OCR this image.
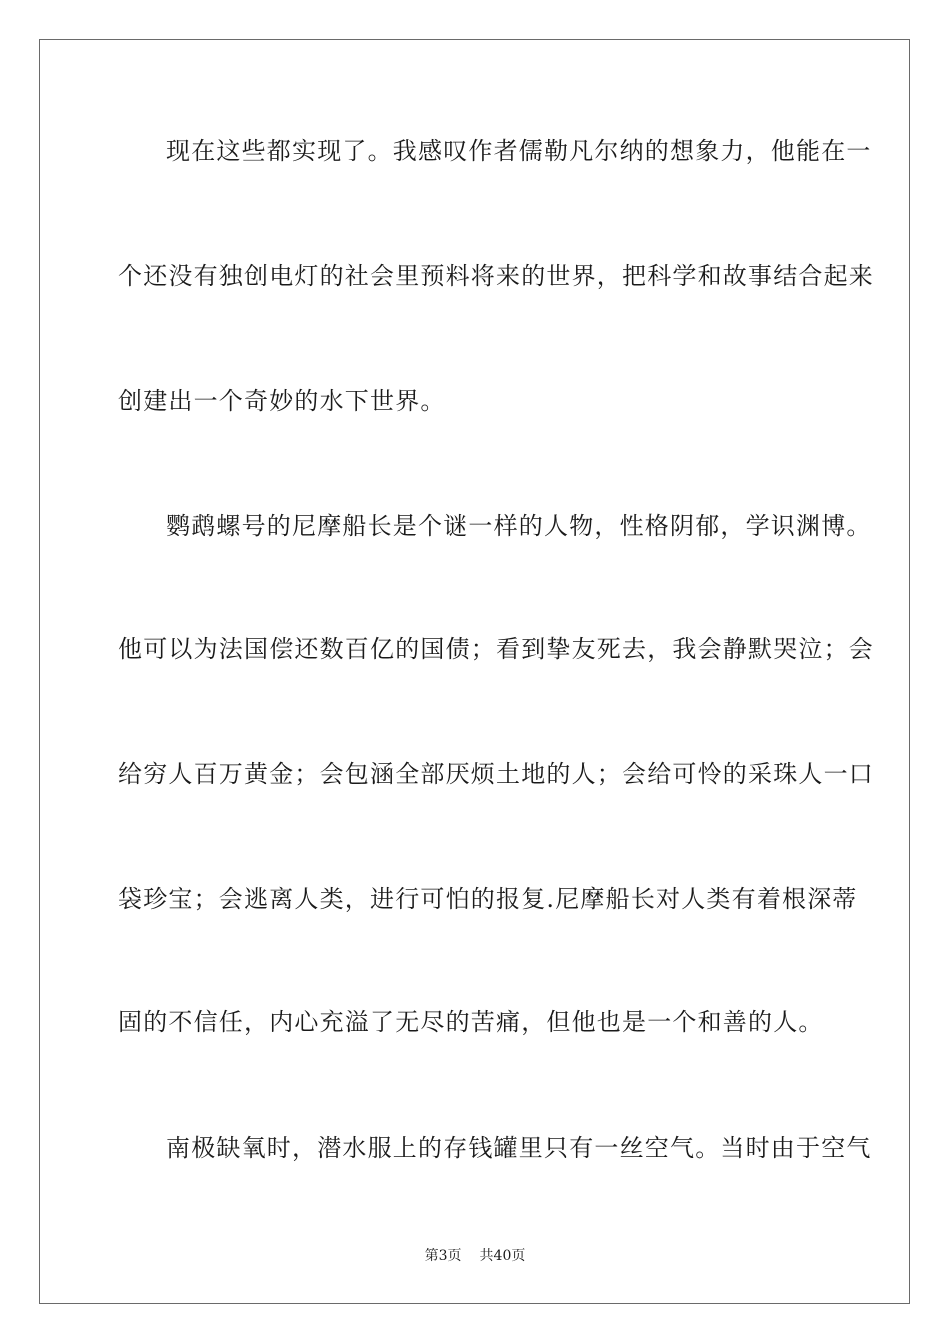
现在这些都实现了。我感叹作者儒勒凡尔纳的想象力，他能在一
个还没有独创电灯的社会里预料将来的世界，把科学和故事结合起来
创建出一个奇妙的水下世界。
鹦鹉螺号的尼摩船长是个谜一样的人物，性格阴郁，学识渊博。
他可以为法国偿还数百亿的国债；看到挚友死去，我会静默哭泣；会
给穷人百万黄金；会包涵全部厌烦土地的人；会给可怜的采珠人一口
袋珍宝；会逃离人类，进行可怕的报复.尼摩船长对人类有着根深蒂
固的不信任，内心充溢了无尽的苦痛，但他也是一个和善的人。
南极缺氧时，潜水服上的存钱罐里只有一丝空气。当时由于空气
第3页 共40页
